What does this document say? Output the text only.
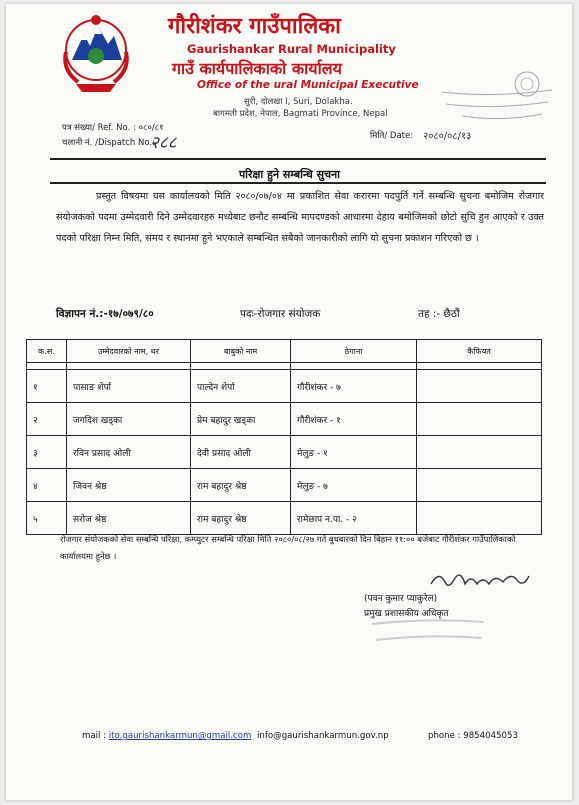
गौरीशंकर गाउँपालिका
Gaurishankar Rural Municipality
गाउँ कार्यपालिकाको कार्यालय
Office of the ural Municipal Executive
सुरी, दोलखा I, Suri, Dolakha.
बागमती प्रदेश, नेपाल, Bagmati Province, Nepal
पत्र संख्या/ Ref. No. : ०८०/८१
चलानी नं. /Dispatch No.:-
२८८	मिति/ Date: २०८०/०८/१३
परिक्षा हुने सम्बन्धि सुचना
प्रस्तुत विषयमा यस कार्यालयको मिति २०८०/०७/०४ मा प्रकाशित सेवा करारमा पदपुर्ति गर्ने सम्बन्धि सुचना बमोजिम रोजगार संयोजकको पदमा उम्मेदवारी दिने उम्मेदवारहरु मध्येबाट छनौट सम्बन्धि मापदण्डको आधारमा देहाय बमोजिमको छोटो सुचि हुन आएको र उक्त पदको परिक्षा निम्न मिति, समय र स्थानमा हुने भएकाले सम्बन्धित सबैको जानकारीको लागि यो सुचना प्रकाशन गरिएको छ ।
विज्ञापन नं.:-१७/०७९/८०	पदः-रोजगार संयोजक	तह :- छैठौं
क.स.	उम्मेदवारको नाम, थर	बाबुको नाम	ठेगाना	कैफियत

१	पासाङ शेर्पा	पाल्देन शेर्पा	गौरीशंकर - ७	
२	जगदिश खड्का	प्रेम बहादुर खड्का	गौरीशंकर - १	
३	रविन प्रसाद ओली	देवी प्रसाद ओली	मेलुङ - १	
४	जिवन श्रेष्ठ	राम बहादुर श्रेष्ठ	मेलुङ - ७	
५	सरोज श्रेष्ठ	राम बहादुर श्रेष्ठ	रामेछाप न.पा. - २	
रोजगार संयोजकको सेवा सम्बन्धि परिक्षा, कम्प्युटर सम्बन्धि परिक्षा मिति २०८०/०८/२७ गते बुधबारको दिन बिहान ११:०० बजेबाट गौरीशंकर गाउँपालिकाको कार्यालयमा हुनेछ ।
(पवन कुमार प्याकुरेल)
प्रमुख प्रशासकीय अधिकृत
mail : ito.gaurishankarmun@gmail.com info@gaurishankarmun.gov.np	phone : 9854045053
